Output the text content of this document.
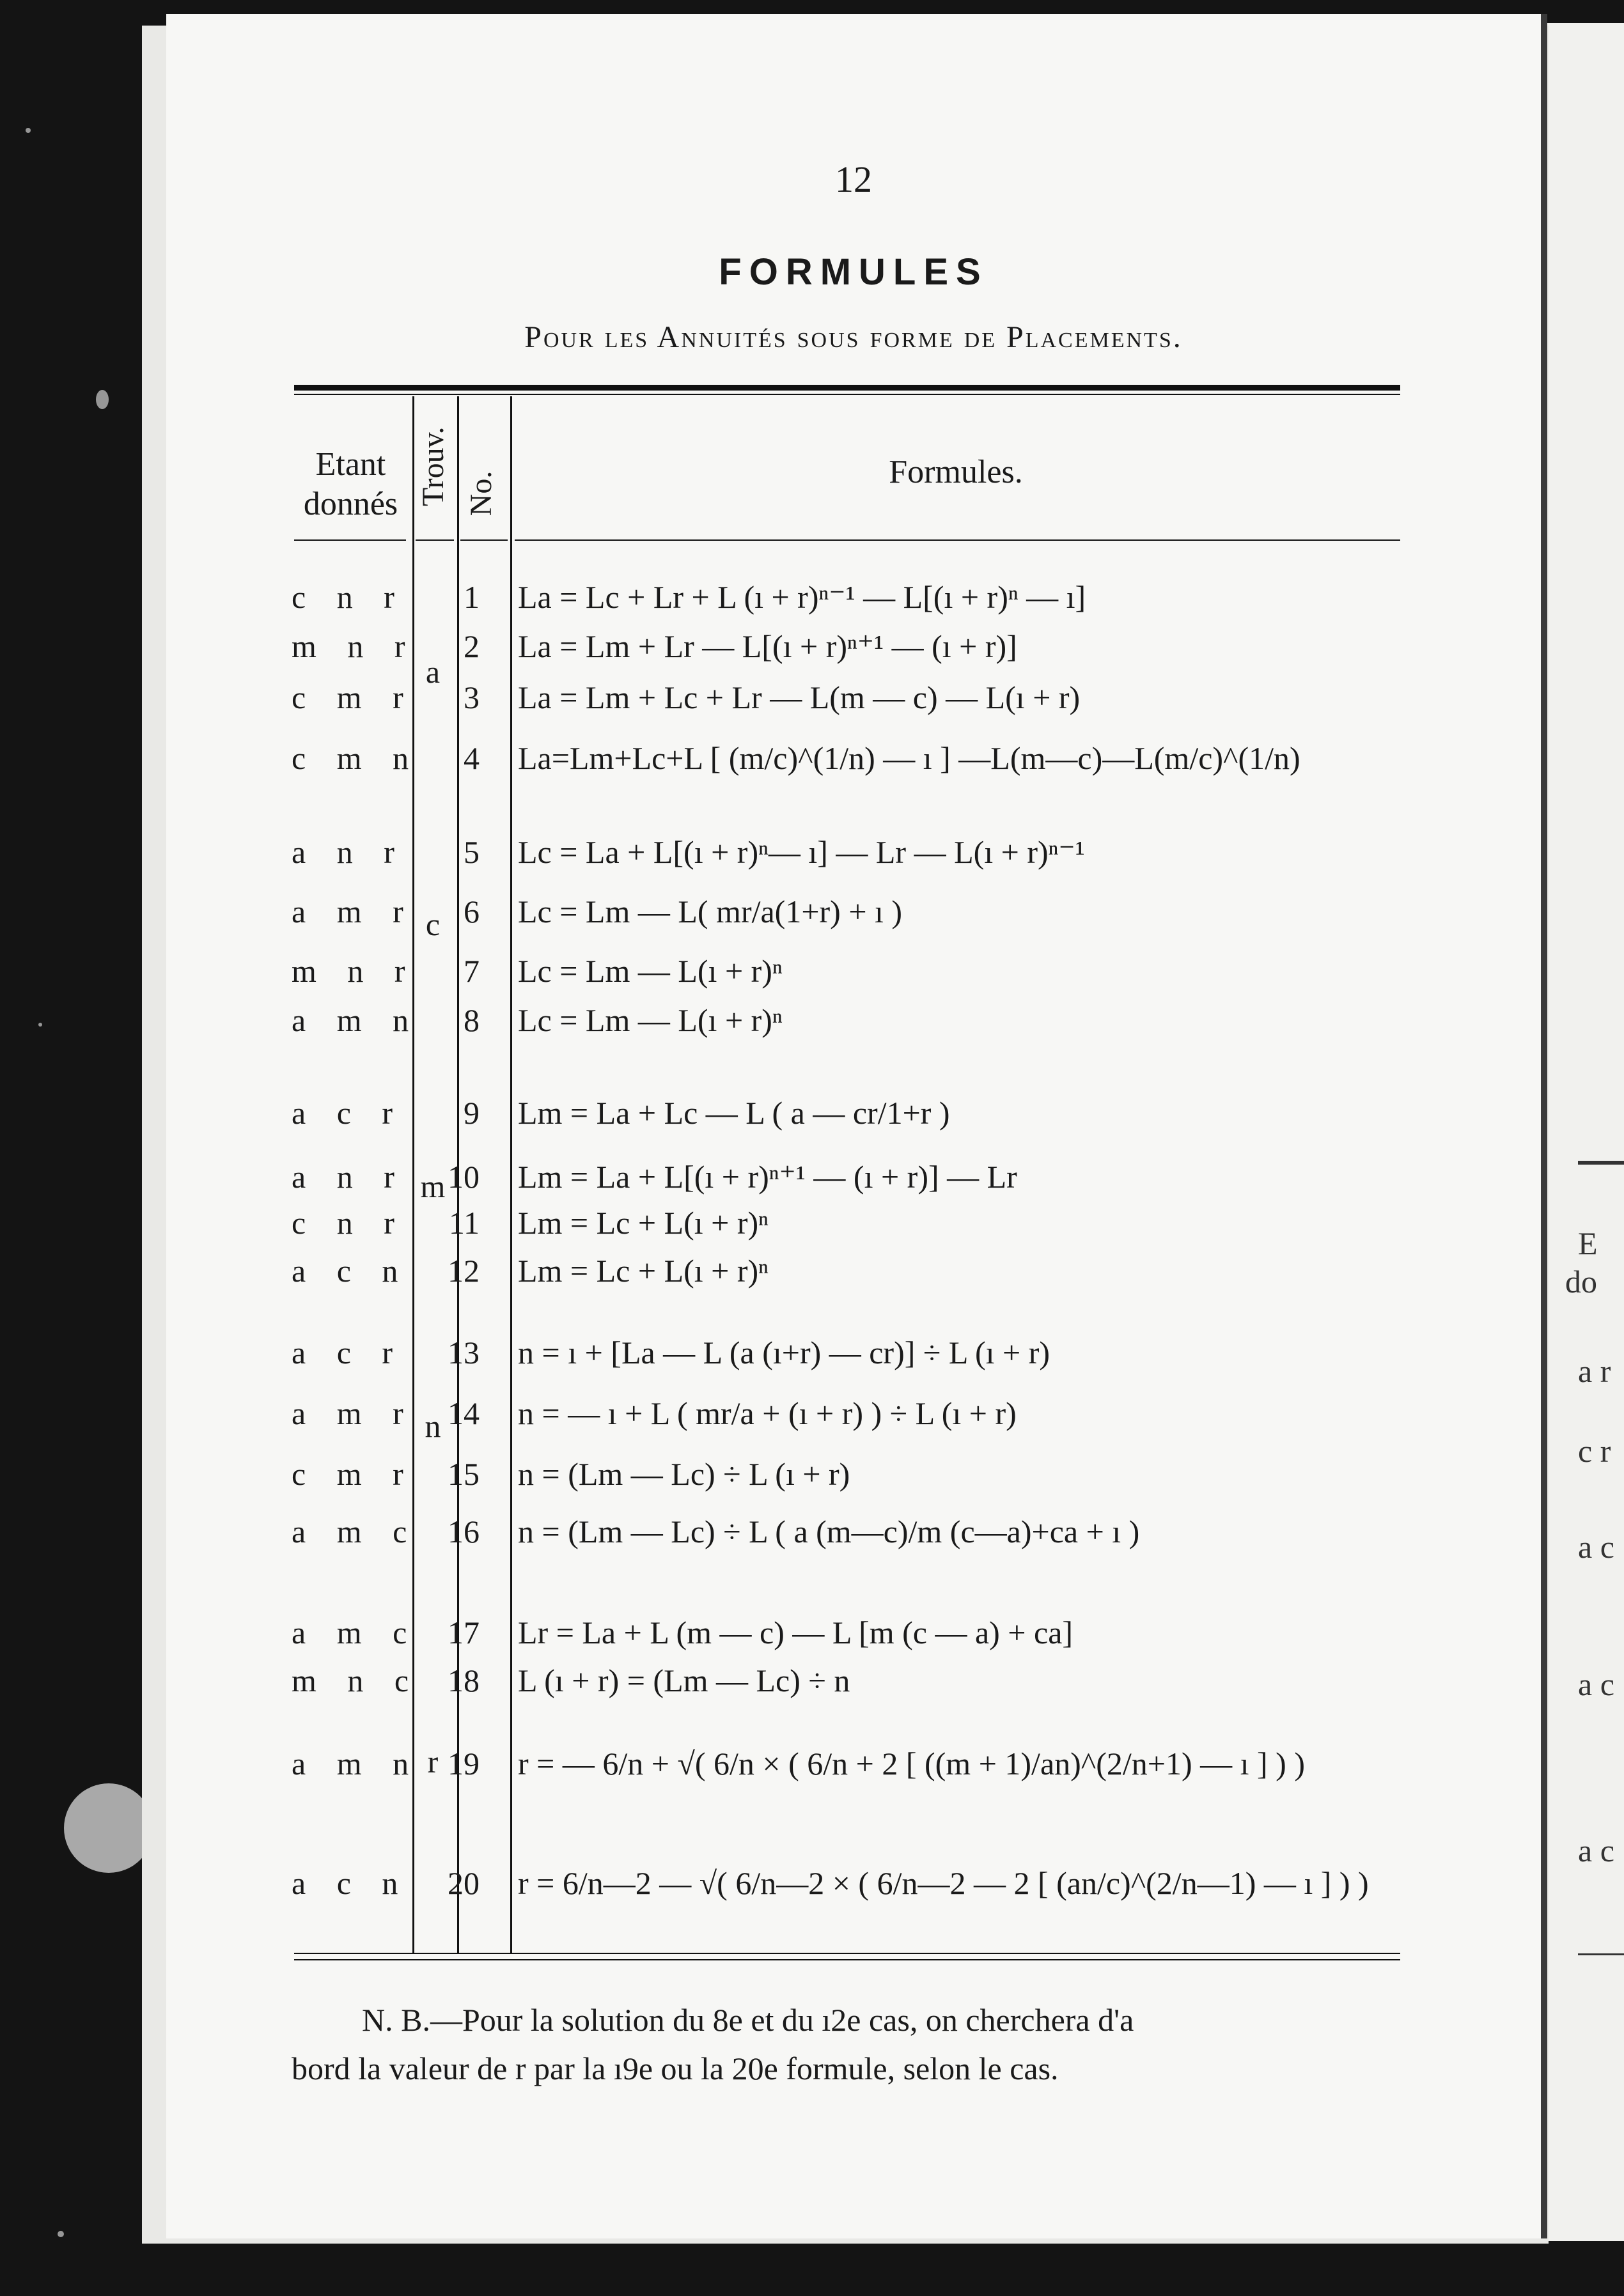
E
do
a r
c r
a c
a c
a c
12
FORMULES
Pour les Annuités sous forme de Placements.
Etant donnés Trouv. No.	Formules.
a
c n r	1 La = Lc + Lr + L (ı + r)ⁿ⁻¹ — L[(ı + r)ⁿ — ı]
m n r	2 La = Lm + Lr — L[(ı + r)ⁿ⁺¹ — (ı + r)]
c m r	3 La = Lm + Lc + Lr — L(m — c) — L(ı + r)
c m n	4 La=Lm+Lc+L [ (m/c)^(1/n) — ı ] —L(m—c)—L(m/c)^(1/n)
c
a n r	5 Lc = La + L[(ı + r)ⁿ— ı] — Lr — L(ı + r)ⁿ⁻¹
a m r	6 Lc = Lm — L( mr/a(1+r) + ı )
m n r	7 Lc = Lm — L(ı + r)ⁿ
a m n	8 Lc = Lm — L(ı + r)ⁿ
m
a c r	9 Lm = La + Lc — L ( a — cr/1+r )
a n r	10 Lm = La + L[(ı + r)ⁿ⁺¹ — (ı + r)] — Lr
c n r	11 Lm = Lc + L(ı + r)ⁿ
a c n	12 Lm = Lc + L(ı + r)ⁿ
n
a c r	13 n = ı + [La — L (a (ı+r) — cr)] ÷ L (ı + r)
a m r	14 n = — ı + L ( mr/a + (ı + r) ) ÷ L (ı + r)
c m r	15 n = (Lm — Lc) ÷ L (ı + r)
a m c 16 n = (Lm — Lc) ÷ L ( a (m—c)/m (c—a)+ca + ı )
r
a m c 17 Lr = La + L (m — c) — L [m (c — a) + ca]
m n c 18 L (ı + r) = (Lm — Lc) ÷ n
a m n 19 r = — 6/n + √( 6/n × ( 6/n + 2 [ ((m + 1)/an)^(2/n+1) — ı ] ) )
a c n	20 r = 6/n—2 — √( 6/n—2 × ( 6/n—2 — 2 [ (an/c)^(2/n—1) — ı ] ) )
N. B.—Pour la solution du 8e et du ı2e cas, on cherchera d'a
bord la valeur de r par la ı9e ou la 20e formule, selon le cas.
